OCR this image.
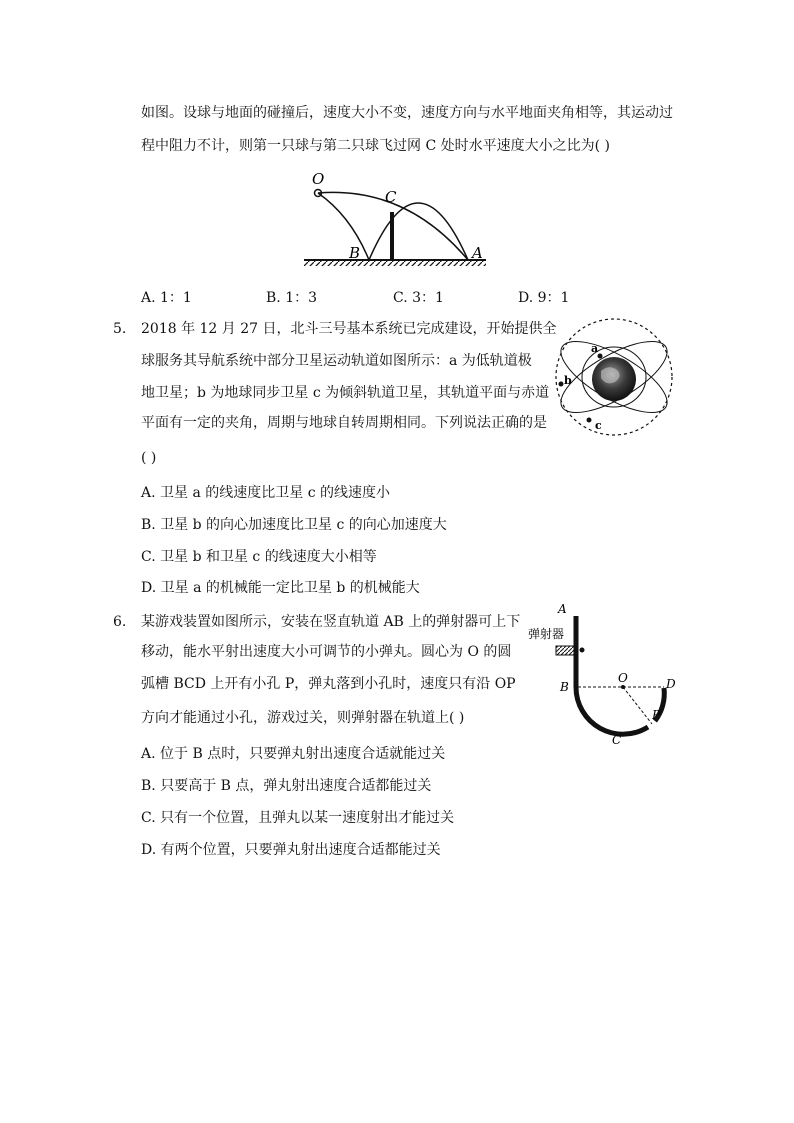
如图。设球与地面的碰撞后，速度大小不变，速度方向与水平地面夹角相等，其运动过
程中阻力不计，则第一只球与第二只球飞过网 C 处时水平速度大小之比为( )
O
C
B	A
A. 1：1	B. 1：3	C. 3：1	D. 9：1
5. 2018 年 12 月 27 日，北斗三号基本系统已完成建设，开始提供全
球服务其导航系统中部分卫星运动轨道如图所示：a 为低轨道极
地卫星；b 为地球同步卫星 c 为倾斜轨道卫星，其轨道平面与赤道
平面有一定的夹角，周期与地球自转周期相同。下列说法正确的是
( )
a
b
c
A. 卫星 a 的线速度比卫星 c 的线速度小
B. 卫星 b 的向心加速度比卫星 c 的向心加速度大
C. 卫星 b 和卫星 c 的线速度大小相等
D. 卫星 a 的机械能一定比卫星 b 的机械能大
6. 某游戏装置如图所示，安装在竖直轨道 AB 上的弹射器可上下
移动，能水平射出速度大小可调节的小弹丸。圆心为 O 的圆
弧槽 BCD 上开有小孔 P，弹丸落到小孔时，速度只有沿 OP
方向才能通过小孔，游戏过关，则弹射器在轨道上( )
A
弹射器
O	D
B
P
C
A. 位于 B 点时，只要弹丸射出速度合适就能过关
B. 只要高于 B 点，弹丸射出速度合适都能过关
C. 只有一个位置，且弹丸以某一速度射出才能过关
D. 有两个位置，只要弹丸射出速度合适都能过关
